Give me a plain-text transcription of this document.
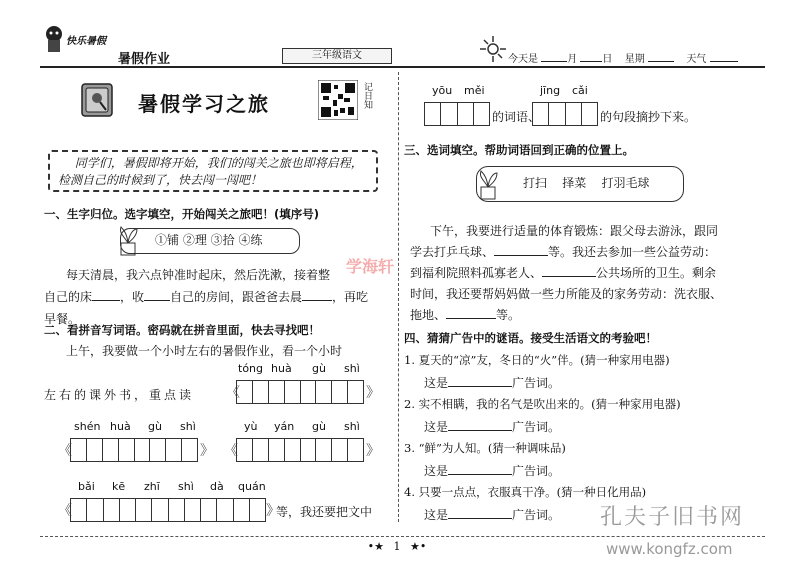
快乐暑假
暑假作业	三年级语文	今天是	月	日 星期	天气
暑假学习之旅	记日知
同学们，暑假即将开始，我们的闯关之旅也即将启程，检测自己的时候到了，快去闯一闯吧！
一、生字归位。选字填空，开始闯关之旅吧！(填序号)
①铺 ②理 ③拾 ④练
每天清晨，我六点钟准时起床，然后洗漱，接着整
自己的床 ，收 自己的房间，跟爸爸去晨	，再吃
早餐。
二、看拼音写词语。密码就在拼音里面，快去寻找吧！
上午，我要做一个小时左右的暑假作业，看一个小时
左右的课外书，重点读
tóng huà gù shì
《	》
shén huà gù shì	yù yán gù shì
《	》 《	》
bǎi kē zhī shì dà quán
《	》
等，我还要把文中
yōu měi	jīng cǎi
的词语、	的句段摘抄下来。
三、选词填空。帮助词语回到正确的位置上。
打扫    择菜    打羽毛球
下午，我要进行适量的体育锻炼：跟父母去游泳，跟同
学去打乒乓球、	等。我还去参加一些公益劳动：
到福利院照料孤寡老人、	公共场所的卫生。剩余
时间，我还要帮妈妈做一些力所能及的家务劳动：洗衣服、
拖地、	等。
四、猜猜广告中的谜语。接受生活语文的考验吧！
1. 夏天的“凉”友，冬日的“火”伴。(猜一种家用电器)
这是	广告词。
2. 实不相瞒，我的名气是吹出来的。(猜一种家用电器)
这是	广告词。
3. “鲜”为人知。(猜一种调味品)
这是	广告词。
4. 只要一点点，衣服真干净。(猜一种日化用品)
这是	广告词。
•★ 1 ★•
学海轩
孔夫子旧书网
www.kongfz.com
